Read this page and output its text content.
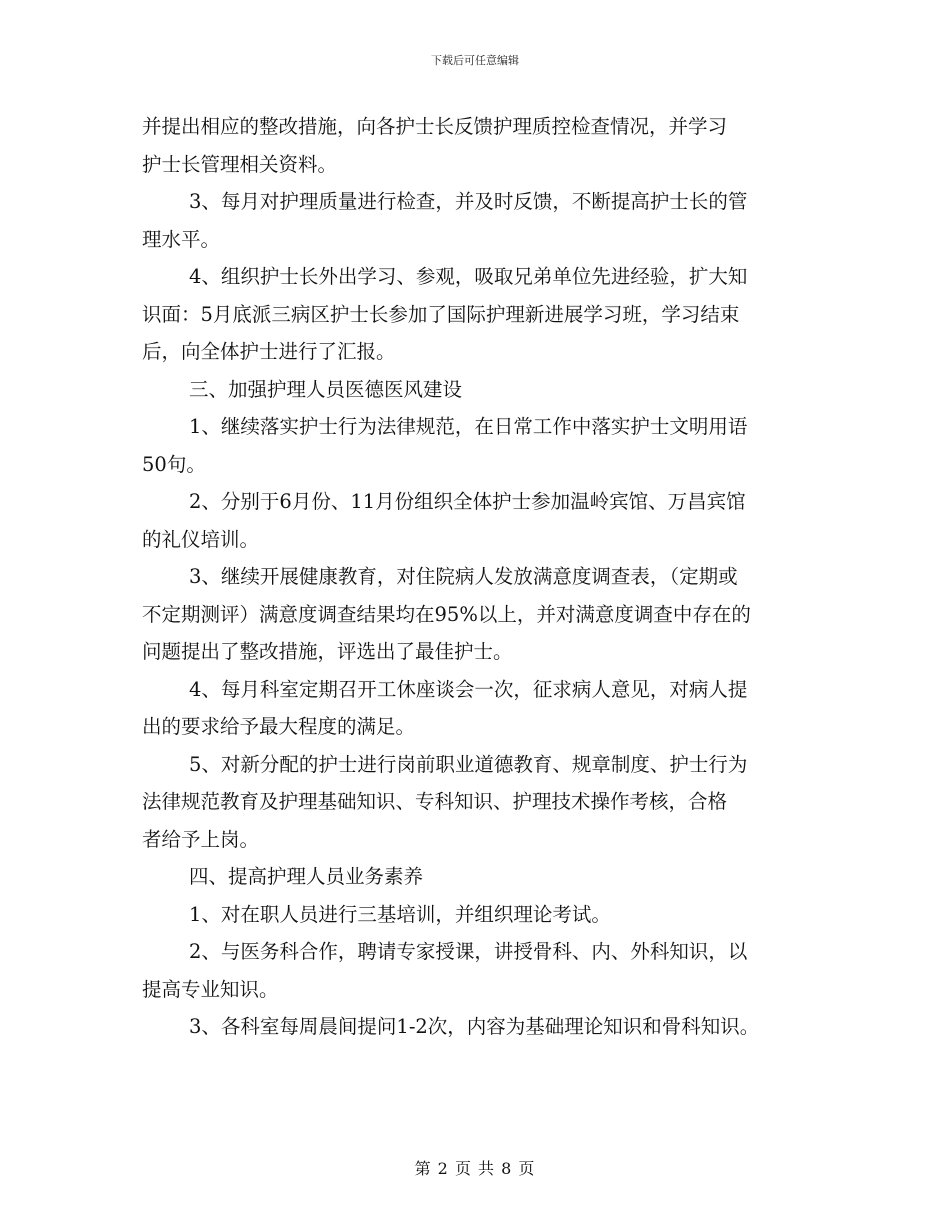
下载后可任意编辑

并提出相应的整改措施，向各护士长反馈护理质控检查情况，并学习
护士长管理相关资料。
3、每月对护理质量进行检查，并及时反馈，不断提高护士长的管
理水平。
4、组织护士长外出学习、参观，吸取兄弟单位先进经验，扩大知
识面：5月底派三病区护士长参加了国际护理新进展学习班，学习结束
后，向全体护士进行了汇报。
三、加强护理人员医德医风建设
1、继续落实护士行为法律规范，在日常工作中落实护士文明用语
50句。
2、分别于6月份、11月份组织全体护士参加温岭宾馆、万昌宾馆
的礼仪培训。
3、继续开展健康教育，对住院病人发放满意度调查表，（定期或
不定期测评）满意度调查结果均在95%以上，并对满意度调查中存在的
问题提出了整改措施，评选出了最佳护士。
4、每月科室定期召开工休座谈会一次，征求病人意见，对病人提
出的要求给予最大程度的满足。
5、对新分配的护士进行岗前职业道德教育、规章制度、护士行为
法律规范教育及护理基础知识、专科知识、护理技术操作考核，合格
者给予上岗。
四、提高护理人员业务素养
1、对在职人员进行三基培训，并组织理论考试。
2、与医务科合作，聘请专家授课，讲授骨科、内、外科知识，以
提高专业知识。
3、各科室每周晨间提问1-2次，内容为基础理论知识和骨科知识。

第 2 页 共 8 页
